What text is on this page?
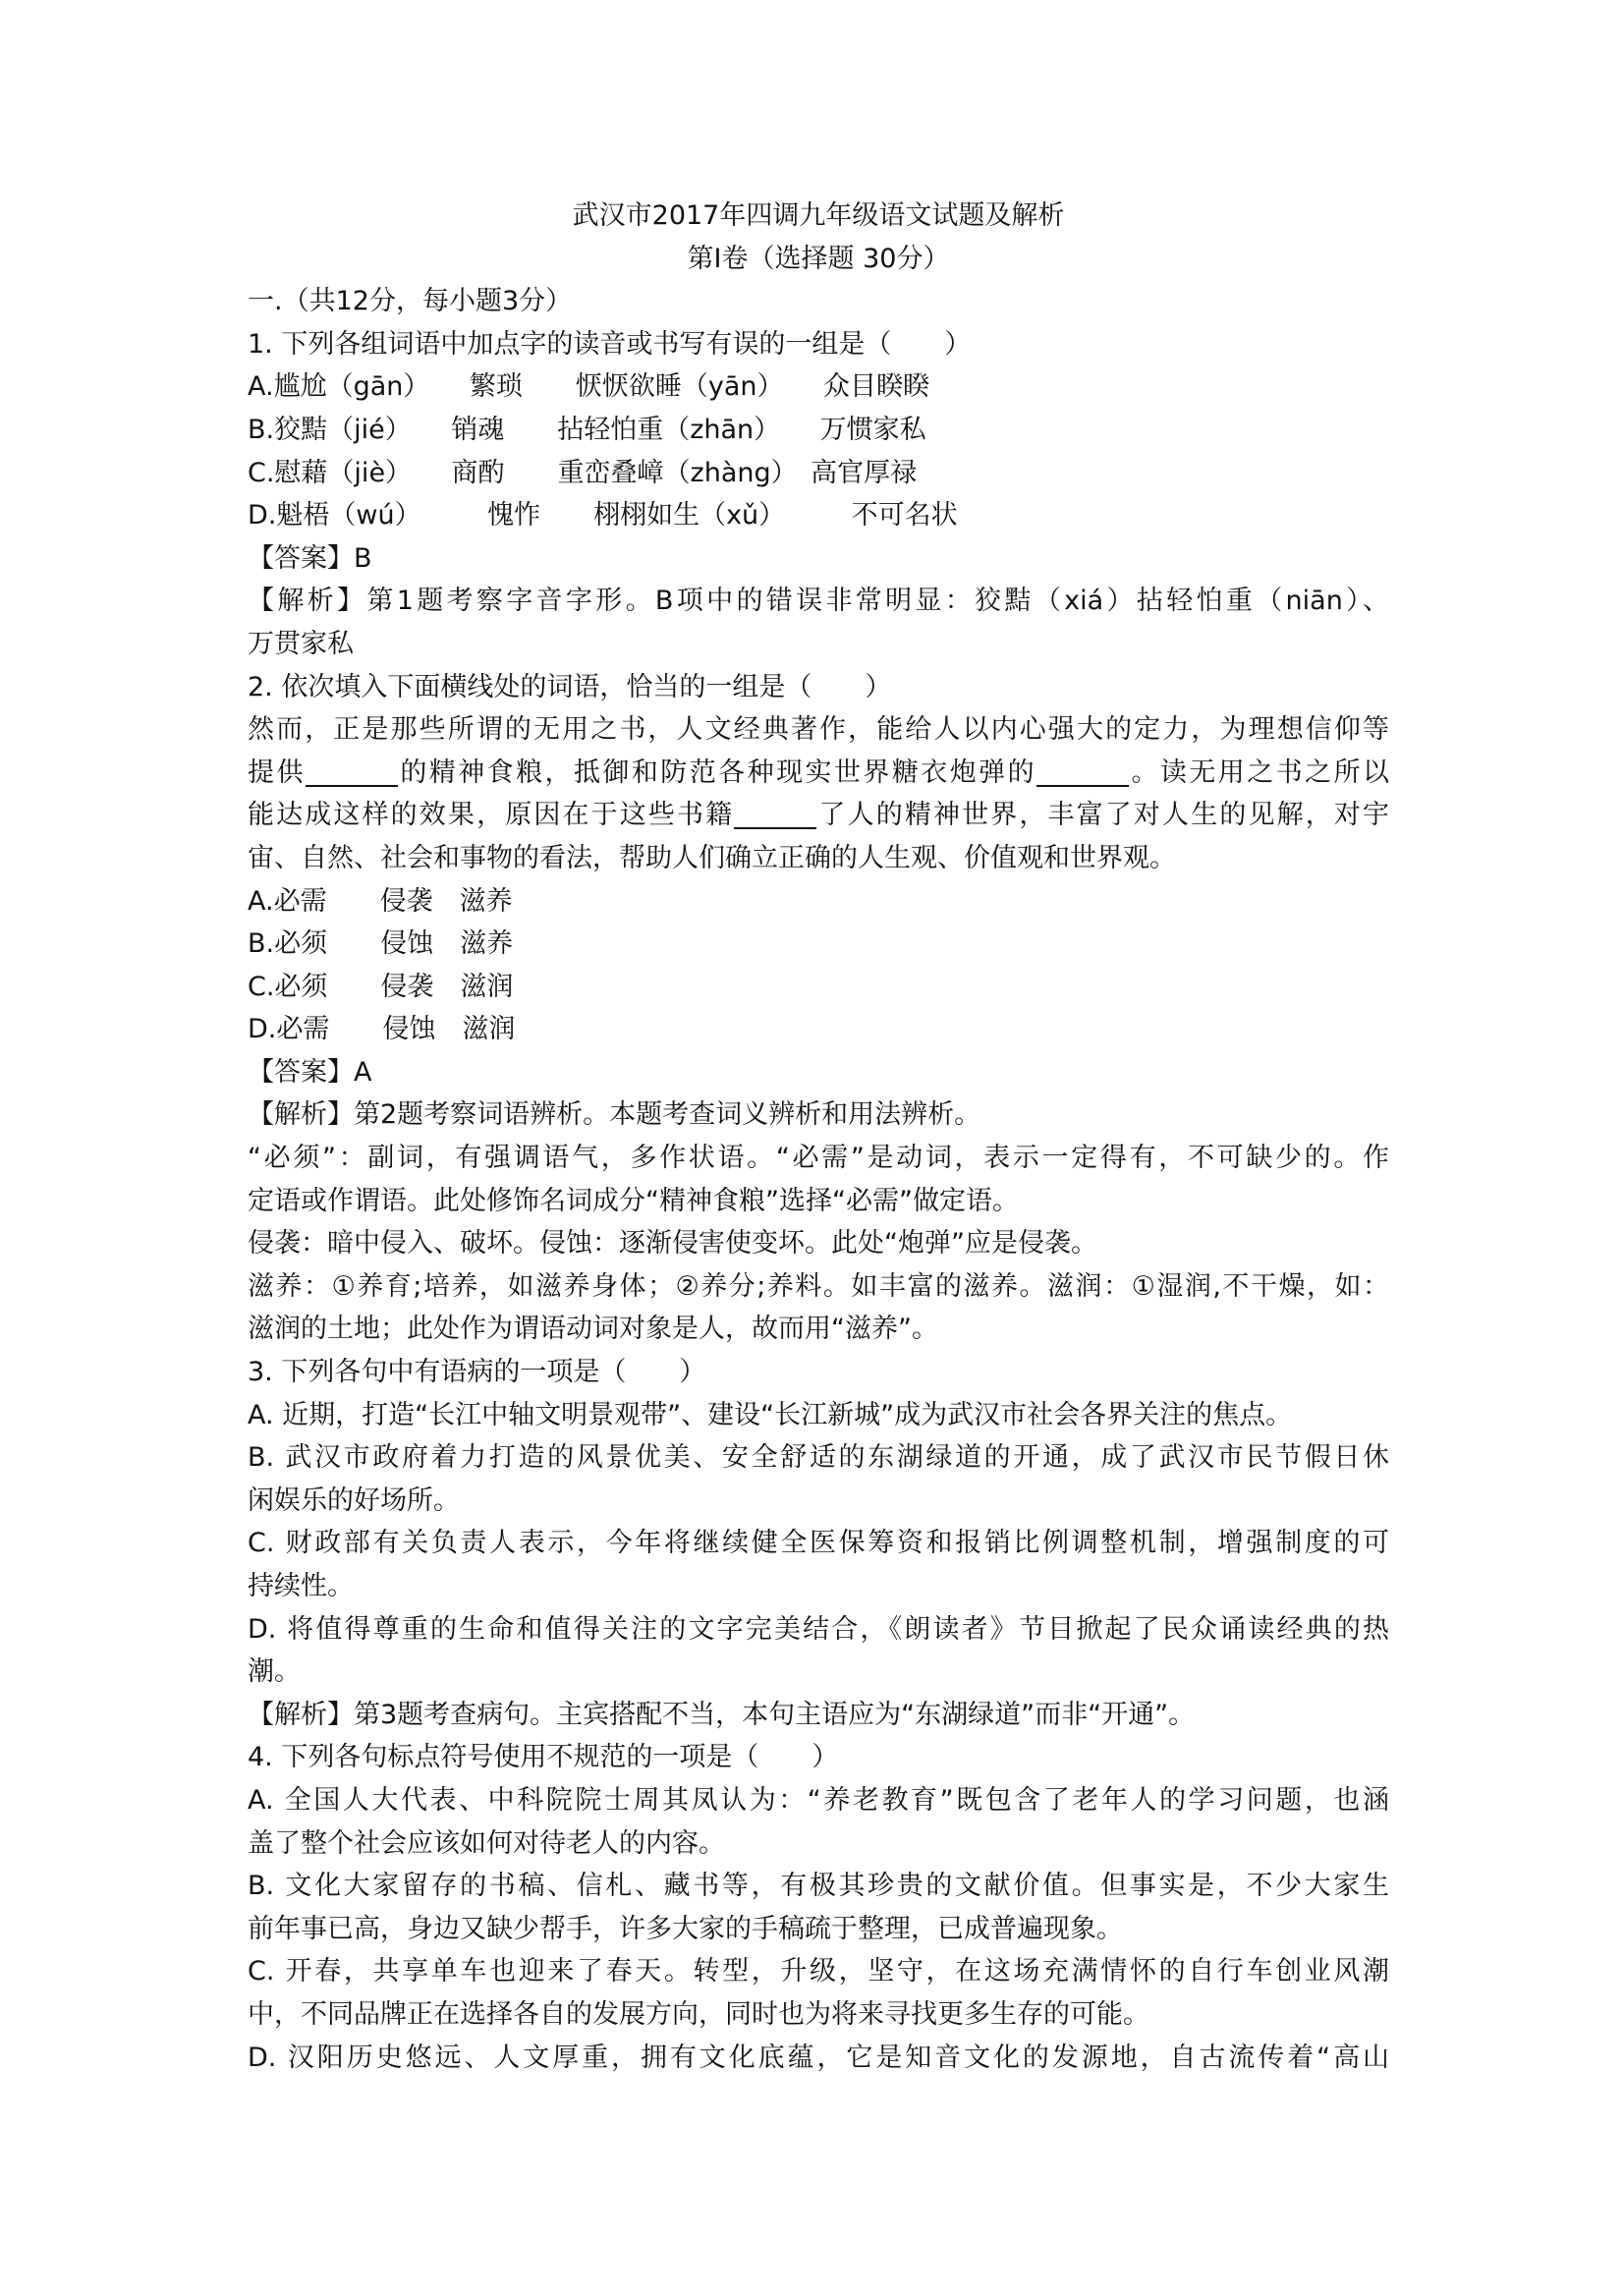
武汉市2017年四调九年级语文试题及解析
第Ⅰ卷（选择题 30分）
一.（共12分，每小题3分）
1. 下列各组词语中加点字的读音或书写有误的一组是（　　）
A.尴尬（gān）　　繁琐　　恹恹欲睡（yān）　　众目睽睽
B.狡黠（jié）　　销魂　　拈轻怕重（zhān）　　万惯家私
C.慰藉（jiè）　　商酌　　重峦叠嶂（zhàng）　高官厚禄
D.魁梧（wú）　　　愧怍　　栩栩如生（xǔ）　　　不可名状
【答案】B
【解析】第1题考察字音字形。B项中的错误非常明显：狡黠（xiá）拈轻怕重（niān）、
万贯家私
2. 依次填入下面横线处的词语，恰当的一组是（　　）
然而，正是那些所谓的无用之书，人文经典著作，能给人以内心强大的定力，为理想信仰等
提供	的精神食粮，抵御和防范各种现实世界糖衣炮弹的	。读无用之书之所以
能达成这样的效果，原因在于这些书籍	了人的精神世界，丰富了对人生的见解，对宇
宙、自然、社会和事物的看法，帮助人们确立正确的人生观、价值观和世界观。
A.必需　　侵袭　滋养
B.必须　　侵蚀　滋养
C.必须　　侵袭　滋润
D.必需　　侵蚀　滋润
【答案】A
【解析】第2题考察词语辨析。本题考查词义辨析和用法辨析。
“必须”：副词，有强调语气，多作状语。“必需”是动词，表示一定得有，不可缺少的。作
定语或作谓语。此处修饰名词成分“精神食粮”选择“必需”做定语。
侵袭：暗中侵入、破坏。侵蚀：逐渐侵害使变坏。此处“炮弹”应是侵袭。
滋养：①养育;培养，如滋养身体；②养分;养料。如丰富的滋养。滋润：①湿润,不干燥，如：
滋润的土地；此处作为谓语动词对象是人，故而用“滋养”。
3. 下列各句中有语病的一项是（　　）
A. 近期，打造“长江中轴文明景观带”、建设“长江新城”成为武汉市社会各界关注的焦点。
B. 武汉市政府着力打造的风景优美、安全舒适的东湖绿道的开通，成了武汉市民节假日休
闲娱乐的好场所。
C. 财政部有关负责人表示，今年将继续健全医保筹资和报销比例调整机制，增强制度的可
持续性。
D. 将值得尊重的生命和值得关注的文字完美结合，《朗读者》节目掀起了民众诵读经典的热
潮。
【解析】第3题考查病句。主宾搭配不当，本句主语应为“东湖绿道”而非“开通”。
4. 下列各句标点符号使用不规范的一项是（　　）
A. 全国人大代表、中科院院士周其凤认为：“养老教育”既包含了老年人的学习问题，也涵
盖了整个社会应该如何对待老人的内容。
B. 文化大家留存的书稿、信札、藏书等，有极其珍贵的文献价值。但事实是，不少大家生
前年事已高，身边又缺少帮手，许多大家的手稿疏于整理，已成普遍现象。
C. 开春，共享单车也迎来了春天。转型，升级，坚守，在这场充满情怀的自行车创业风潮
中，不同品牌正在选择各自的发展方向，同时也为将来寻找更多生存的可能。
D. 汉阳历史悠远、人文厚重，拥有文化底蕴，它是知音文化的发源地，自古流传着“高山
